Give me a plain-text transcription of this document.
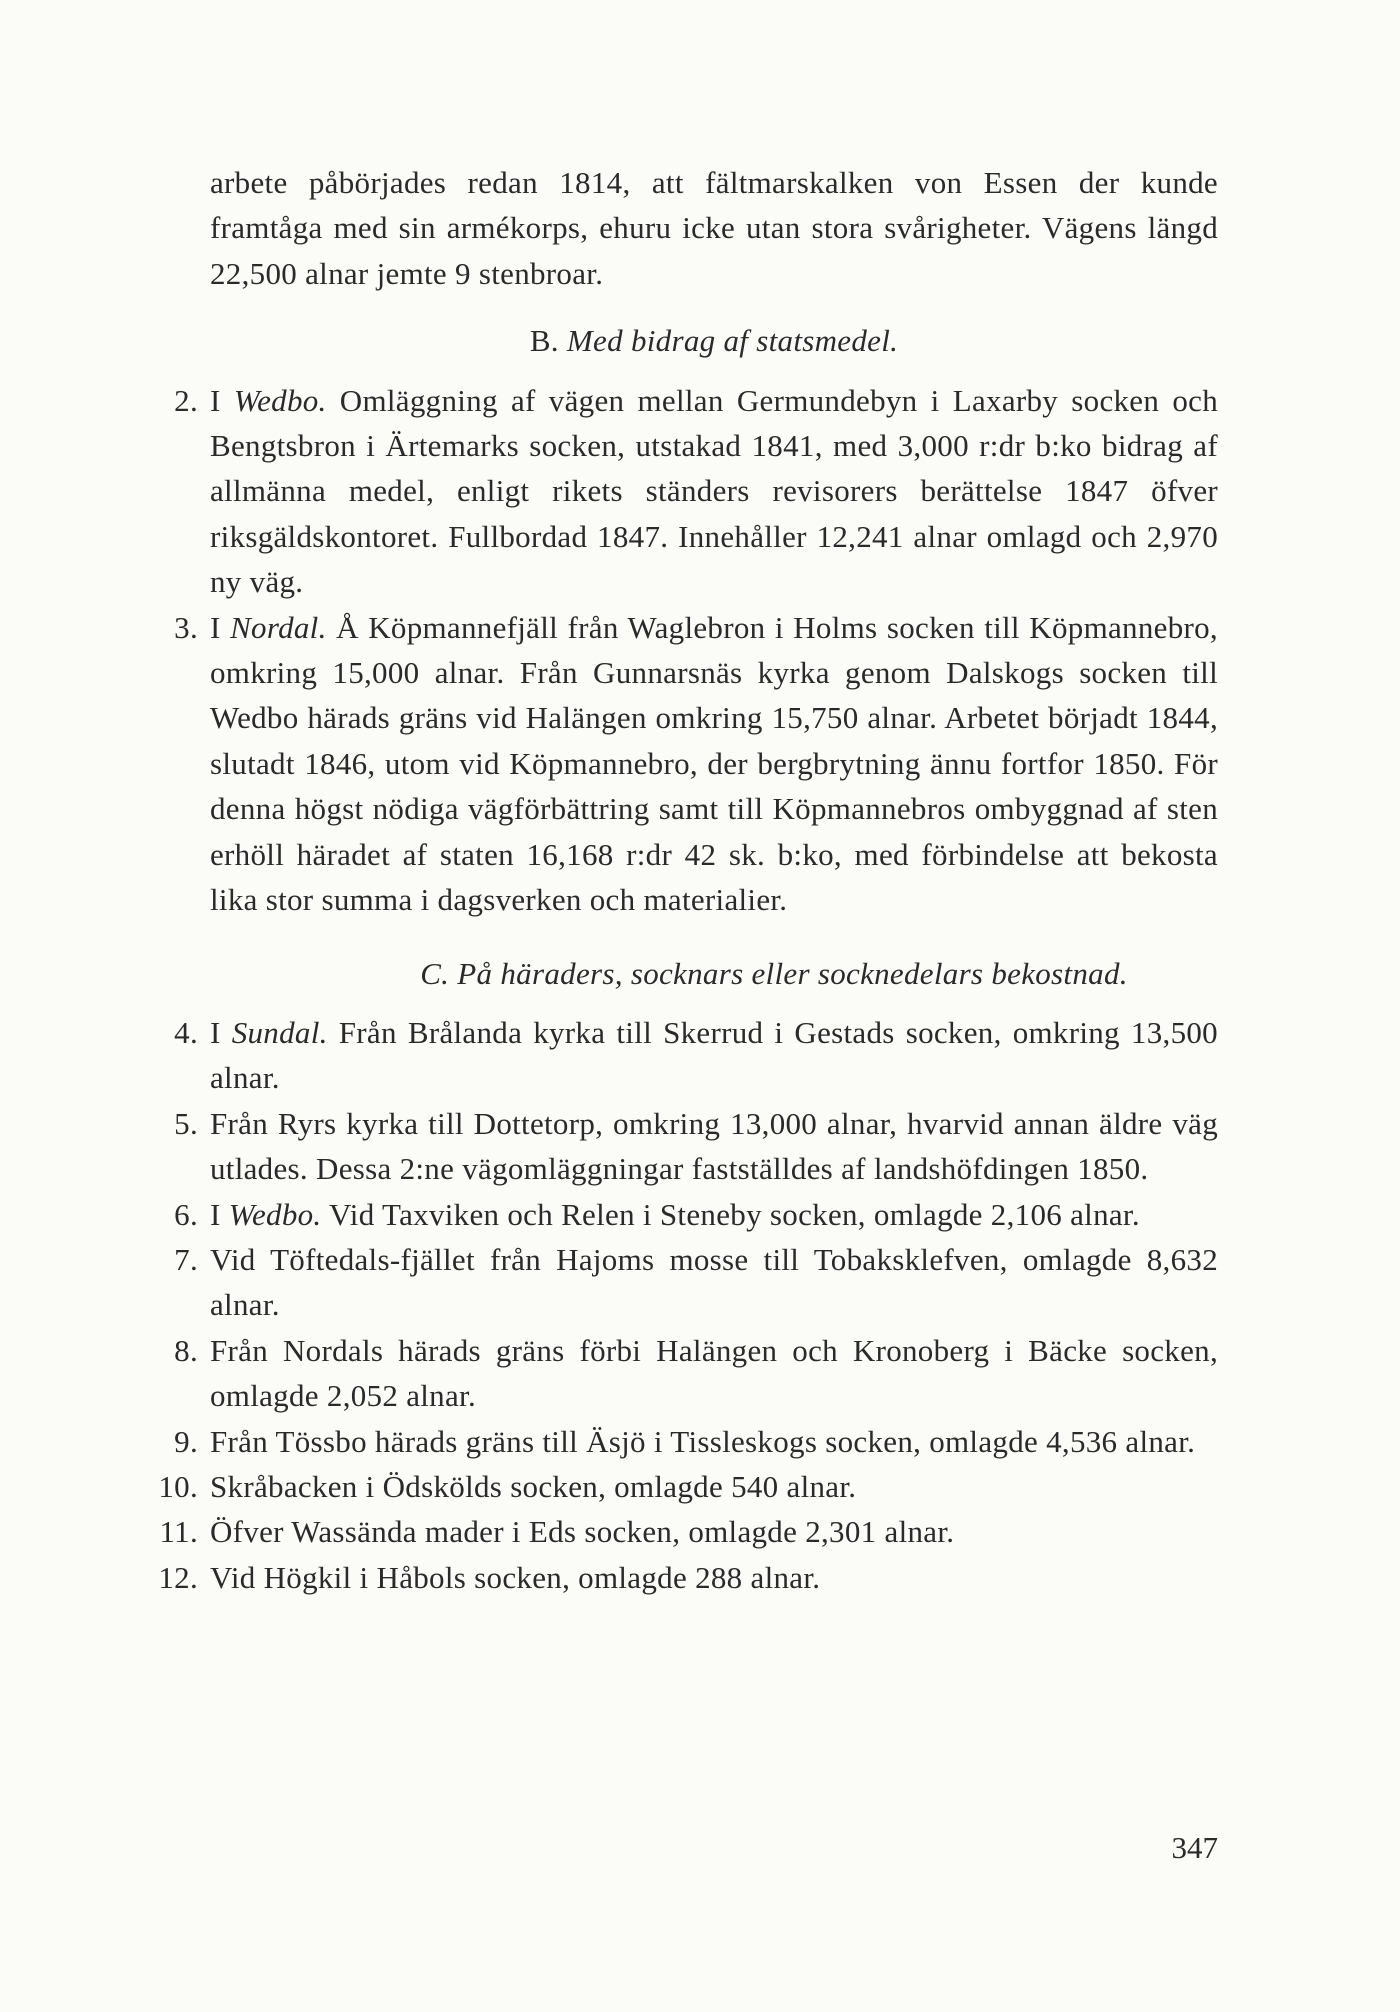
arbete påbörjades redan 1814, att fältmarskalken von Essen der kunde framtåga med sin armékorps, ehuru icke utan stora svårigheter. Vägens längd 22,500 alnar jemte 9 stenbroar.

B. Med bidrag af statsmedel.

2. I Wedbo. Omläggning af vägen mellan Germundebyn i Laxarby socken och Bengtsbron i Ärtemarks socken, utstakad 1841, med 3,000 r:dr b:ko bidrag af allmänna medel, enligt rikets ständers revisorers berättelse 1847 öfver riksgäldskontoret. Fullbordad 1847. Innehåller 12,241 alnar omlagd och 2,970 ny väg.

3. I Nordal. Å Köpmannefjäll från Waglebron i Holms socken till Köpmannebro, omkring 15,000 alnar. Från Gunnarsnäs kyrka genom Dalskogs socken till Wedbo härads gräns vid Halängen omkring 15,750 alnar. Arbetet börjadt 1844, slutadt 1846, utom vid Köpmannebro, der bergbrytning ännu fortfor 1850. För denna högst nödiga vägförbättring samt till Köpmannebros ombyggnad af sten erhöll häradet af staten 16,168 r:dr 42 sk. b:ko, med förbindelse att bekosta lika stor summa i dagsverken och materialier.

C. På häraders, socknars eller socknedelars bekostnad.

4. I Sundal. Från Brålanda kyrka till Skerrud i Gestads socken, omkring 13,500 alnar.

5. Från Ryrs kyrka till Dottetorp, omkring 13,000 alnar, hvarvid annan äldre väg utlades. Dessa 2:ne vägomläggningar fastställdes af landshöfdingen 1850.

6. I Wedbo. Vid Taxviken och Relen i Steneby socken, omlagde 2,106 alnar.

7. Vid Töftedals-fjället från Hajoms mosse till Tobaksklefven, omlagde 8,632 alnar.

8. Från Nordals härads gräns förbi Halängen och Kronoberg i Bäcke socken, omlagde 2,052 alnar.

9. Från Tössbo härads gräns till Äsjö i Tissleskogs socken, omlagde 4,536 alnar.

10. Skråbacken i Ödskölds socken, omlagde 540 alnar.

11. Öfver Wassända mader i Eds socken, omlagde 2,301 alnar.

12. Vid Högkil i Håbols socken, omlagde 288 alnar.

347
